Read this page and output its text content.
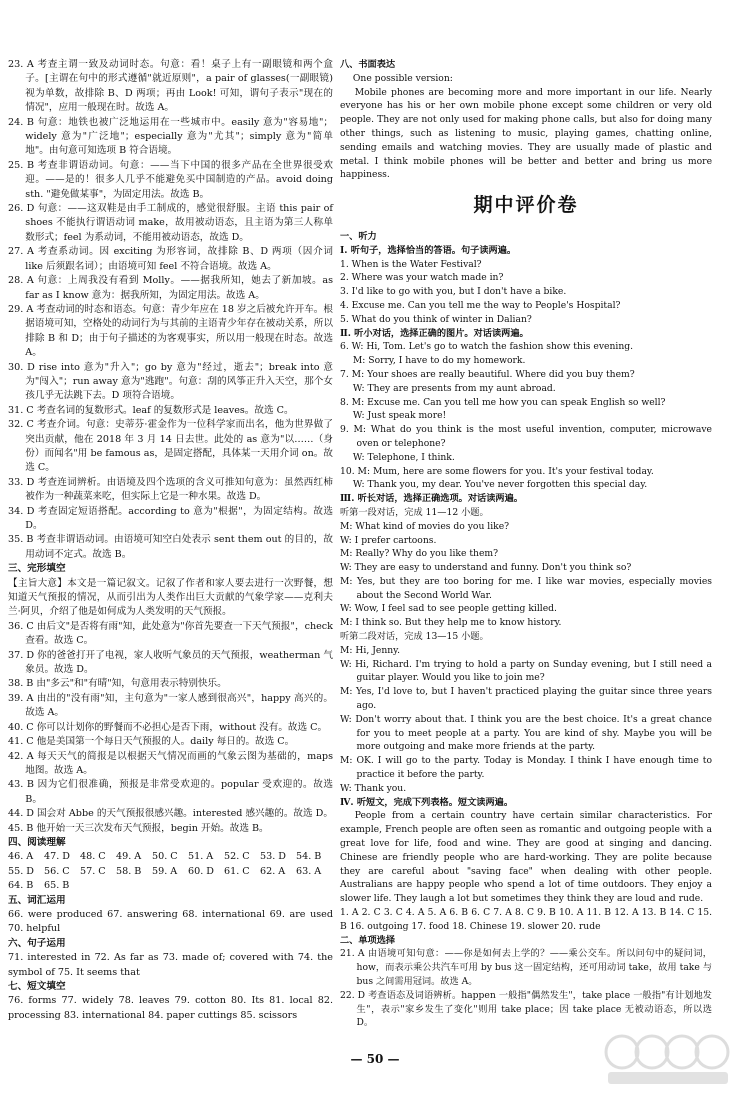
23. A 考查主谓一致及动词时态。句意：看！桌子上有一副眼镜和两个盒子。[主谓在句中的形式遵循"就近原则"，a pair of glasses(一副眼镜)视为单数，故排除 B、D 两项；再由 Look! 可知，谓句子表示"现在的情况"，应用一般现在时。故选 A。

24. B 句意：地铁也被广泛地运用在一些城市中。easily 意为"容易地"；widely 意为"广泛地"；especially 意为"尤其"；simply 意为"简单地"。由句意可知选项 B 符合语境。

25. B 考查非谓语动词。句意：——当下中国的很多产品在全世界很受欢迎。——是的！很多人几乎不能避免买中国制造的产品。avoid doing sth. "避免做某事"，为固定用法。故选 B。

26. D 句意：——这双鞋是由手工制成的，感觉很舒服。主语 this pair of shoes 不能执行谓语动词 make，故用被动语态，且主语为第三人称单数形式；feel 为系动词，不能用被动语态，故选 D。

27. A 考查系动词。因 exciting 为形容词，故排除 B、D 两项（因介词 like 后须跟名词）；由语境可知 feel 不符合语境。故选 A。

28. A 句意：上周我没有看到 Molly。——据我所知，她去了新加坡。as far as I know 意为：据我所知，为固定用法。故选 A。

29. A 考查动词的时态和语态。句意：青少年应在 18 岁之后被允许开车。根据语境可知，空格处的动词行为与其前的主语青少年存在被动关系，所以排除 B 和 D；由于句子描述的为客观事实，所以用一般现在时态。故选 A。

30. D rise into 意为"升入"；go by 意为"经过，逝去"；break into 意为"闯入"；run away 意为"逃跑"。句意：刮的风筝正升入天空，那个女孩几乎无法跳下去。D 项符合语境。

31. C 考查名词的复数形式。leaf 的复数形式是 leaves。故选 C。

32. C 考查介词。句意：史蒂芬·霍金作为一位科学家而出名，他为世界做了突出贡献，他在 2018 年 3 月 14 日去世。此处的 as 意为"以……（身份）而闻名"用 be famous as，是固定搭配，具体某一天用介词 on。故选 C。

33. D 考查连词辨析。由语境及四个选项的含义可推知句意为：虽然西红柿被作为一种蔬菜来吃，但实际上它是一种水果。故选 D。

34. D 考查固定短语搭配。according to 意为"根据"，为固定结构。故选 D。

35. B 考查非谓语动词。由语境可知空白处表示 sent them out 的目的，故用动词不定式。故选 B。

三、完形填空

【主旨大意】本文是一篇记叙文。记叙了作者和家人要去进行一次野餐，想知道天气预报的情况，从而引出为人类作出巨大贡献的气象学家——克利夫兰·阿贝，介绍了他是如何成为人类发明的天气预报。

36. C 由后文"是否将有雨"知，此处意为"你首先要查一下天气预报"，check 查看。故选 C。

37. D 你的爸爸打开了电视，家人收听气象员的天气预报，weatherman 气象员。故选 D。

38. B 由"多云"和"有晴"知，句意用表示特别快乐。

39. A 由出的"没有雨"知，主句意为"一家人感到很高兴"，happy 高兴的。故选 A。

40. C 你可以计划你的野餐而不必担心是否下雨，without 没有。故选 C。

41. C 他是美国第一个每日天气预报的人。daily 每日的。故选 C。

42. A 每天天气的简报是以根据天气情况而画的气象云图为基础的，maps 地图。故选 A。

43. B 因为它们很准确，预报是非常受欢迎的。popular 受欢迎的。故选 B。

44. D 国会对 Abbe 的天气预报很感兴趣。interested 感兴趣的。故选 D。

45. B 他开始一天三次发布天气预报，begin 开始。故选 B。

四、阅读理解

46. A	47. D	48. C	49. A	50. C	51. A	52. C	53. D	54. B
55. D	56. C	57. C	58. B	59. A	60. D	61. C	62. A	63. A
64. B	65. B

五、词汇运用

66. were produced 67. answering 68. international 69. are used 70. helpful

六、句子运用

71. interested in 72. As far as 73. made of; covered with 74. the symbol of 75. It seems that

七、短文填空

76. forms 77. widely 78. leaves 79. cotton 80. Its 81. local 82. processing 83. international 84. paper cuttings 85. scissors

八、书面表达

One possible version:

Mobile phones are becoming more and more important in our life. Nearly everyone has his or her own mobile phone except some children or very old people. They are not only used for making phone calls, but also for doing many other things, such as listening to music, playing games, chatting online, sending emails and watching movies. They are usually made of plastic and metal. I think mobile phones will be better and better and bring us more happiness.

期中评价卷

一、听力

Ⅰ. 听句子，选择恰当的答语。句子读两遍。

1. When is the Water Festival?

2. Where was your watch made in?

3. I'd like to go with you, but I don't have a bike.

4. Excuse me. Can you tell me the way to People's Hospital?

5. What do you think of winter in Dalian?

Ⅱ. 听小对话，选择正确的图片。对话读两遍。

6. W: Hi, Tom. Let's go to watch the fashion show this evening.

M: Sorry, I have to do my homework.

7. M: Your shoes are really beautiful. Where did you buy them?

W: They are presents from my aunt abroad.

8. M: Excuse me. Can you tell me how you can speak English so well?

W: Just speak more!

9. M: What do you think is the most useful invention, computer, microwave oven or telephone?

W: Telephone, I think.

10. M: Mum, here are some flowers for you. It's your festival today.

W: Thank you, my dear. You've never forgotten this special day.

Ⅲ. 听长对话，选择正确选项。对话读两遍。

听第一段对话，完成 11—12 小题。

M: What kind of movies do you like?

W: I prefer cartoons.

M: Really? Why do you like them?

W: They are easy to understand and funny. Don't you think so?

M: Yes, but they are too boring for me. I like war movies, especially movies about the Second World War.

W: Wow, I feel sad to see people getting killed.

M: I think so. But they help me to know history.

听第二段对话，完成 13—15 小题。

M: Hi, Jenny.

W: Hi, Richard. I'm trying to hold a party on Sunday evening, but I still need a guitar player. Would you like to join me?

M: Yes, I'd love to, but I haven't practiced playing the guitar since three years ago.

W: Don't worry about that. I think you are the best choice. It's a great chance for you to meet people at a party. You are kind of shy. Maybe you will be more outgoing and make more friends at the party.

M: OK. I will go to the party. Today is Monday. I think I have enough time to practice it before the party.

W: Thank you.

Ⅳ. 听短文，完成下列表格。短文读两遍。

People from a certain country have certain similar characteristics. For example, French people are often seen as romantic and outgoing people with a great love for life, food and wine. They are good at singing and dancing. Chinese are friendly people who are hard-working. They are polite because they are careful about "saving face" when dealing with other people. Australians are happy people who spend a lot of time outdoors. They enjoy a slower life. They laugh a lot but sometimes they think they are loud and rude.

1. A 2. C 3. C 4. A 5. A 6. B 6. C 7. A 8. C 9. B 10. A 11. B 12. A 13. B 14. C 15. B 16. outgoing 17. food 18. Chinese 19. slower 20. rude

二、单项选择

21. A 由语境可知句意：——你是如何去上学的？——乘公交车。所以问句中的疑问词，how，而表示乘公共汽车可用 by bus 这一固定结构，还可用动词 take，故用 take 与 bus 之间需用冠词。故选 A。

22. D 考查语态及词语辨析。happen 一般指"偶然发生"，take place 一般指"有计划地发生"，表示"家乡发生了变化"则用 take place；因 take place 无被动语态，所以选 D。

— 50 —
